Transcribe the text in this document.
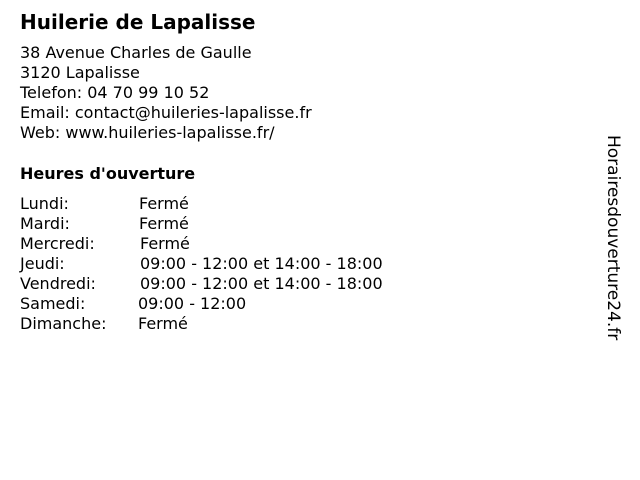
Huilerie de Lapalisse
38 Avenue Charles de Gaulle
3120 Lapalisse
Telefon: 04 70 99 10 52
Email: contact@huileries-lapalisse.fr
Web: www.huileries-lapalisse.fr/
Heures d'ouverture
Lundi:	Fermé
Mardi:	Fermé
Mercredi:	Fermé
Jeudi:	09:00 - 12:00 et 14:00 - 18:00
Vendredi:	09:00 - 12:00 et 14:00 - 18:00
Samedi:	09:00 - 12:00
Dimanche: Fermé	Horairesdouverture24.fr
